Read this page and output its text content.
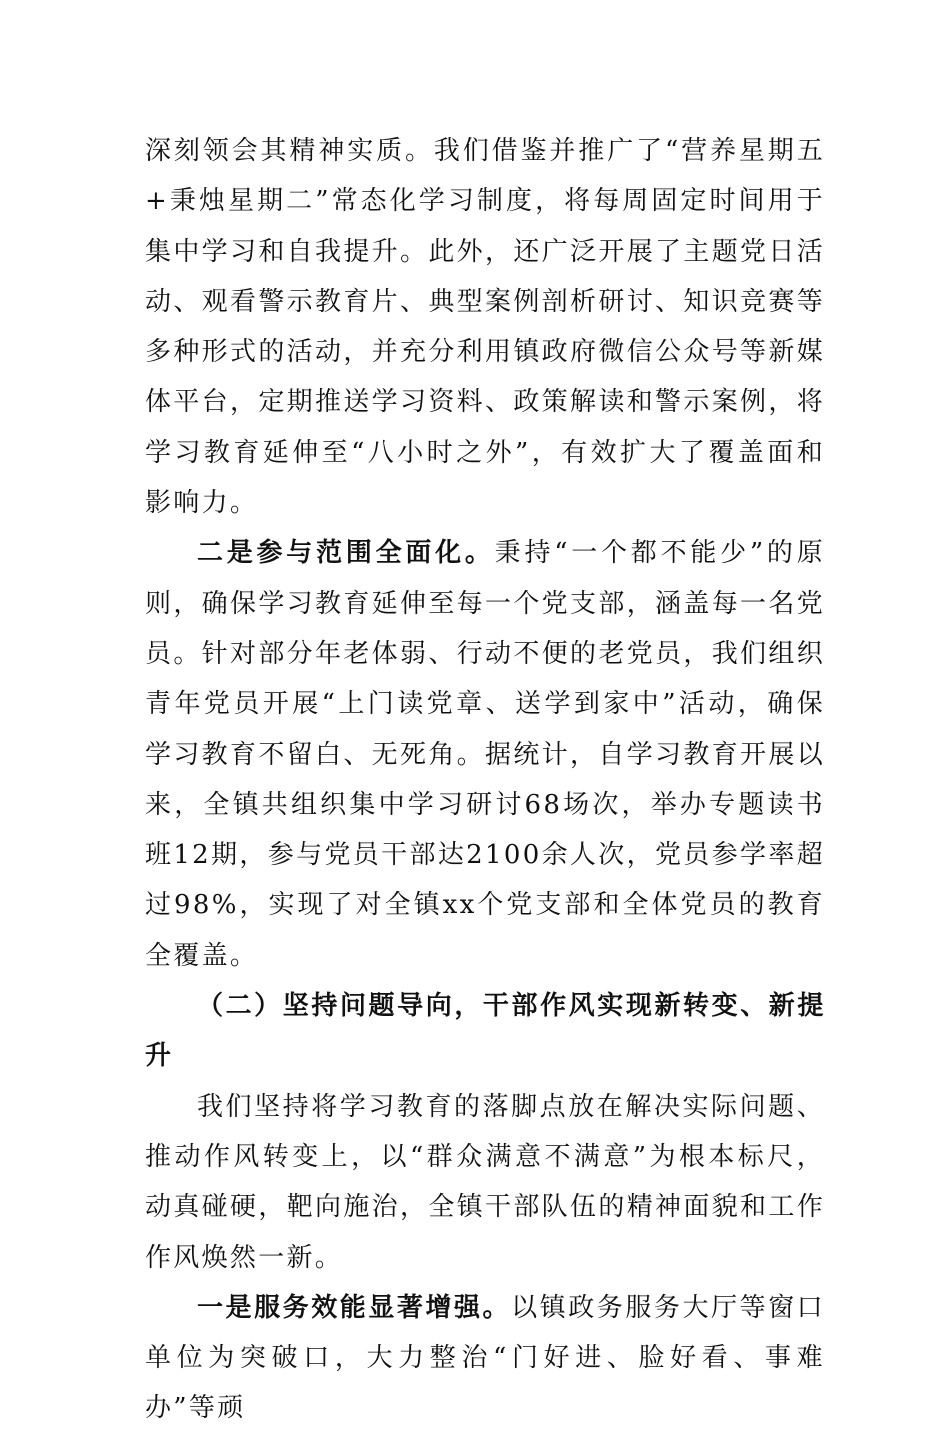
深刻领会其精神实质。我们借鉴并推广了“营养星期五+秉烛星期二”常态化学习制度，将每周固定时间用于集中学习和自我提升。此外，还广泛开展了主题党日活动、观看警示教育片、典型案例剖析研讨、知识竞赛等多种形式的活动，并充分利用镇政府微信公众号等新媒体平台，定期推送学习资料、政策解读和警示案例，将学习教育延伸至“八小时之外”，有效扩大了覆盖面和影响力。

二是参与范围全面化。秉持“一个都不能少”的原则，确保学习教育延伸至每一个党支部，涵盖每一名党员。针对部分年老体弱、行动不便的老党员，我们组织青年党员开展“上门读党章、送学到家中”活动，确保学习教育不留白、无死角。据统计，自学习教育开展以来，全镇共组织集中学习研讨68场次，举办专题读书班12期，参与党员干部达2100余人次，党员参学率超过98%，实现了对全镇xx个党支部和全体党员的教育全覆盖。

（二）坚持问题导向，干部作风实现新转变、新提升

我们坚持将学习教育的落脚点放在解决实际问题、推动作风转变上，以“群众满意不满意”为根本标尺，动真碰硬，靶向施治，全镇干部队伍的精神面貌和工作作风焕然一新。

一是服务效能显著增强。以镇政务服务大厅等窗口单位为突破口，大力整治“门好进、脸好看、事难办”等顽
